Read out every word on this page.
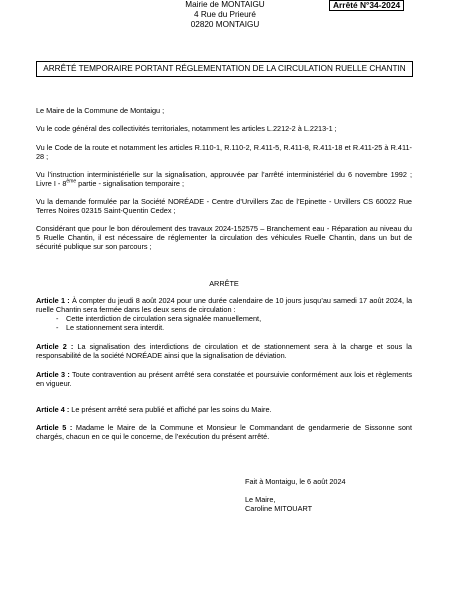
Mairie de MONTAIGU
4 Rue du Prieuré
02820 MONTAIGU
Arrêté N°34-2024
ARRÊTÉ TEMPORAIRE PORTANT RÉGLEMENTATION DE LA CIRCULATION RUELLE CHANTIN
Le Maire de la Commune de Montaigu ;
Vu le code général des collectivités territoriales, notamment les articles L.2212-2 à L.2213-1 ;
Vu le Code de la route et notamment les articles R.110-1, R.110-2, R.411-5, R.411-8, R.411-18 et R.411-25 à R.411-28 ;
Vu l’instruction interministérielle sur la signalisation, approuvée par l’arrêté interministériel du 6 novembre 1992 ; Livre I - 8ème partie - signalisation temporaire ;
Vu la demande formulée par la Société NORÉADE - Centre d’Urvillers Zac de l’Epinette - Urvillers CS 60022 Rue Terres Noires 02315 Saint-Quentin Cedex ;
Considérant que pour le bon déroulement des travaux 2024-152575 – Branchement eau - Réparation au niveau du 5 Ruelle Chantin, il est nécessaire de réglementer la circulation des véhicules Ruelle Chantin, dans un but de sécurité publique sur son parcours ;
ARRÊTE
Article 1 : À compter du jeudi 8 août 2024 pour une durée calendaire de 10 jours jusqu’au samedi 17 août 2024, la ruelle Chantin sera fermée dans les deux sens de circulation :
- Cette interdiction de circulation sera signalée manuellement,
- Le stationnement sera interdit.
Article 2 : La signalisation des interdictions de circulation et de stationnement sera à la charge et sous la responsabilité de la société NORÉADE ainsi que la signalisation de déviation.
Article 3 : Toute contravention au présent arrêté sera constatée et poursuivie conformément aux lois et règlements en vigueur.
Article 4 : Le présent arrêté sera publié et affiché par les soins du Maire.
Article 5 : Madame le Maire de la Commune et Monsieur le Commandant de gendarmerie de Sissonne sont chargés, chacun en ce qui le concerne, de l’exécution du présent arrêté.
Fait à Montaigu, le 6 août 2024
Le Maire,
Caroline MITOUART
